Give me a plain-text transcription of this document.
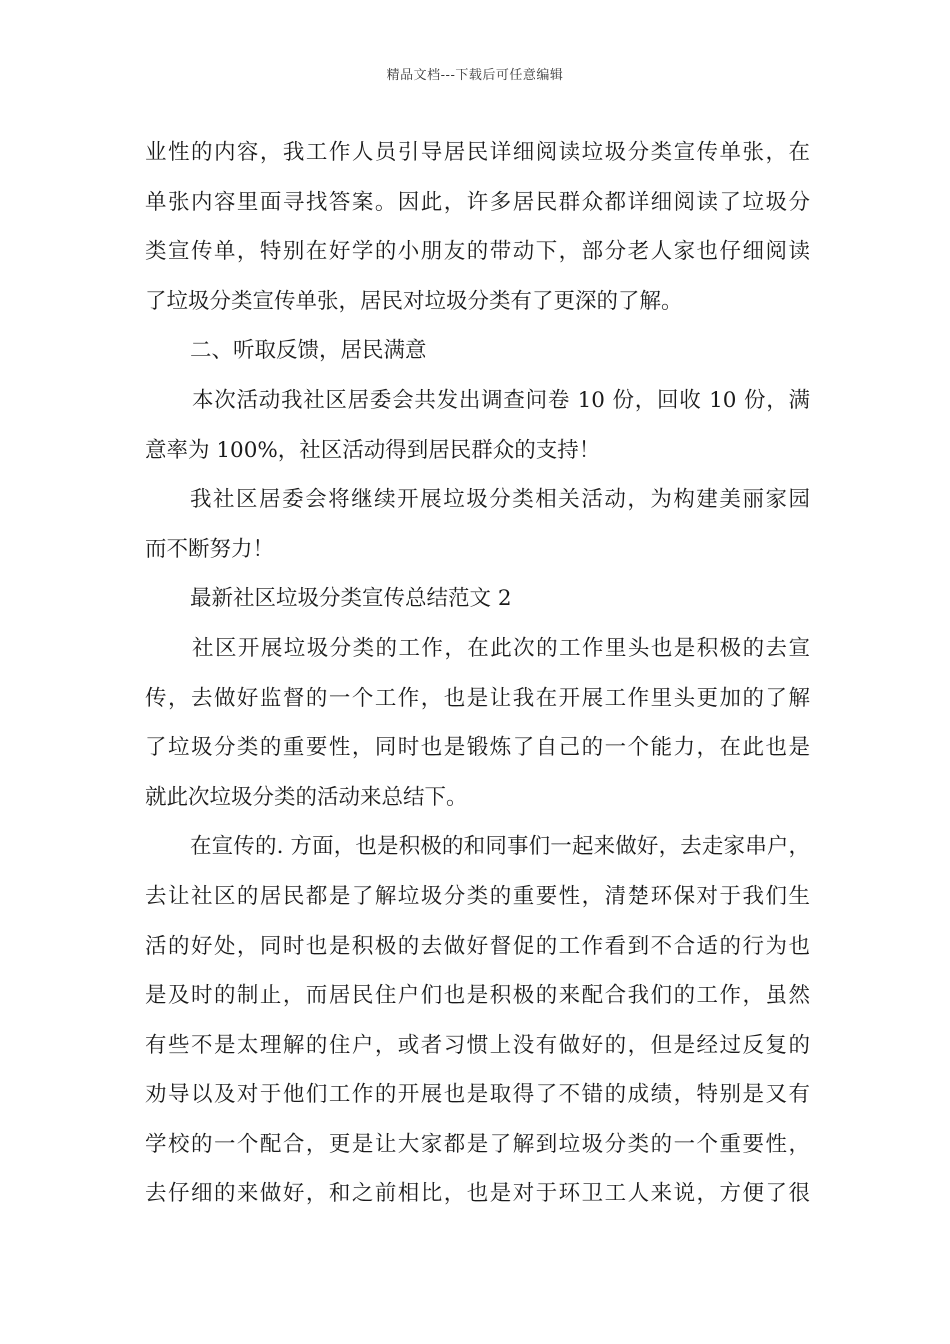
精品文档---下载后可任意编辑
业性的内容，我工作人员引导居民详细阅读垃圾分类宣传单张，在
单张内容里面寻找答案。因此，许多居民群众都详细阅读了垃圾分
类宣传单，特别在好学的小朋友的带动下，部分老人家也仔细阅读
了垃圾分类宣传单张，居民对垃圾分类有了更深的了解。
二、听取反馈，居民满意
本次活动我社区居委会共发出调查问卷 10 份，回收 10 份，满
意率为 100%，社区活动得到居民群众的支持！
我社区居委会将继续开展垃圾分类相关活动，为构建美丽家园
而不断努力！
最新社区垃圾分类宣传总结范文 2
社区开展垃圾分类的工作，在此次的工作里头也是积极的去宣
传，去做好监督的一个工作，也是让我在开展工作里头更加的了解
了垃圾分类的重要性，同时也是锻炼了自己的一个能力，在此也是
就此次垃圾分类的活动来总结下。
在宣传的. 方面，也是积极的和同事们一起来做好，去走家串户，
去让社区的居民都是了解垃圾分类的重要性，清楚环保对于我们生
活的好处，同时也是积极的去做好督促的工作看到不合适的行为也
是及时的制止，而居民住户们也是积极的来配合我们的工作，虽然
有些不是太理解的住户，或者习惯上没有做好的，但是经过反复的
劝导以及对于他们工作的开展也是取得了不错的成绩，特别是又有
学校的一个配合，更是让大家都是了解到垃圾分类的一个重要性，
去仔细的来做好，和之前相比，也是对于环卫工人来说，方便了很
